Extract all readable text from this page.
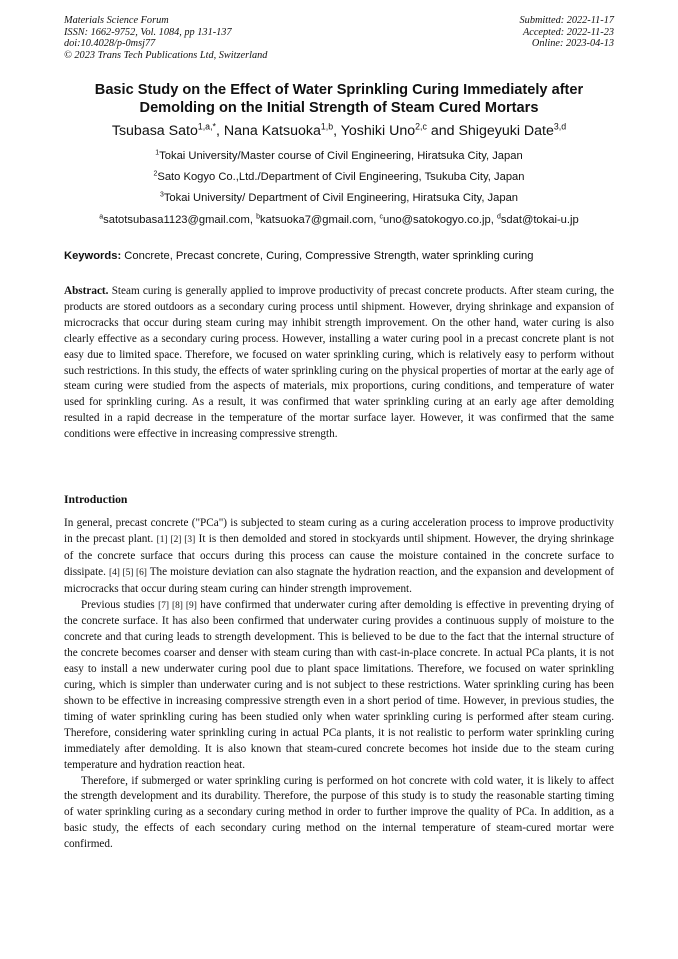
Materials Science Forum
ISSN: 1662-9752, Vol. 1084, pp 131-137
doi:10.4028/p-0msj77
© 2023 Trans Tech Publications Ltd, Switzerland
Submitted: 2022-11-17
Accepted: 2022-11-23
Online: 2023-04-13
Basic Study on the Effect of Water Sprinkling Curing Immediately after
Demolding on the Initial Strength of Steam Cured Mortars
Tsubasa Sato$^{1,a,*}$, Nana Katsuoka$^{1,b}$, Yoshiki Uno$^{2,c}$ and Shigeyuki Date$^{3,d}$
$^1$Tokai University/Master course of Civil Engineering, Hiratsuka City, Japan
$^2$Sato Kogyo Co.,Ltd./Department of Civil Engineering, Tsukuba City, Japan
$^3$Tokai University/ Department of Civil Engineering, Hiratsuka City, Japan
$^a$satotsubasa1123@gmail.com, $^b$katsuoka7@gmail.com, $^c$uno@satokogyo.co.jp, $^d$sdat@tokai-u.jp
Keywords: Concrete, Precast concrete, Curing, Compressive Strength, water sprinkling curing
Abstract. Steam curing is generally applied to improve productivity of precast concrete products. After steam curing, the products are stored outdoors as a secondary curing process until shipment. However, drying shrinkage and expansion of microcracks that occur during steam curing may inhibit strength improvement. On the other hand, water curing is also clearly effective as a secondary curing process. However, installing a water curing pool in a precast concrete plant is not easy due to limited space. Therefore, we focused on water sprinkling curing, which is relatively easy to perform without such restrictions. In this study, the effects of water sprinkling curing on the physical properties of mortar at the early age of steam curing were studied from the aspects of materials, mix proportions, curing conditions, and temperature of water used for sprinkling curing. As a result, it was confirmed that water sprinkling curing at an early age after demolding resulted in a rapid decrease in the temperature of the mortar surface layer. However, it was confirmed that the same conditions were effective in increasing compressive strength.
Introduction

In general, precast concrete ("PCa") is subjected to steam curing as a curing acceleration process to improve productivity in the precast plant. [1] [2] [3] It is then demolded and stored in stockyards until shipment. However, the drying shrinkage of the concrete surface that occurs during this process can cause the moisture contained in the concrete surface to dissipate. [4] [5] [6] The moisture deviation can also stagnate the hydration reaction, and the expansion and development of microcracks that occur during steam curing can hinder strength improvement.

Previous studies [7] [8] [9] have confirmed that underwater curing after demolding is effective in preventing drying of the concrete surface. It has also been confirmed that underwater curing provides a continuous supply of moisture to the concrete and that curing leads to strength development. This is believed to be due to the fact that the internal structure of the concrete becomes coarser and denser with steam curing than with cast-in-place concrete. In actual PCa plants, it is not easy to install a new underwater curing pool due to plant space limitations. Therefore, we focused on water sprinkling curing, which is simpler than underwater curing and is not subject to these restrictions. Water sprinkling curing has been shown to be effective in increasing compressive strength even in a short period of time. However, in previous studies, the timing of water sprinkling curing has been studied only when water sprinkling curing is performed after steam curing. Therefore, considering water sprinkling curing in actual PCa plants, it is not realistic to perform water sprinkling curing immediately after demolding. It is also known that steam-cured concrete becomes hot inside due to the steam curing temperature and hydration reaction heat.

Therefore, if submerged or water sprinkling curing is performed on hot concrete with cold water, it is likely to affect the strength development and its durability. Therefore, the purpose of this study is to study the reasonable starting timing of water sprinkling curing as a secondary curing method in order to further improve the quality of PCa. In addition, as a basic study, the effects of each secondary curing method on the internal temperature of steam-cured mortar were confirmed.
